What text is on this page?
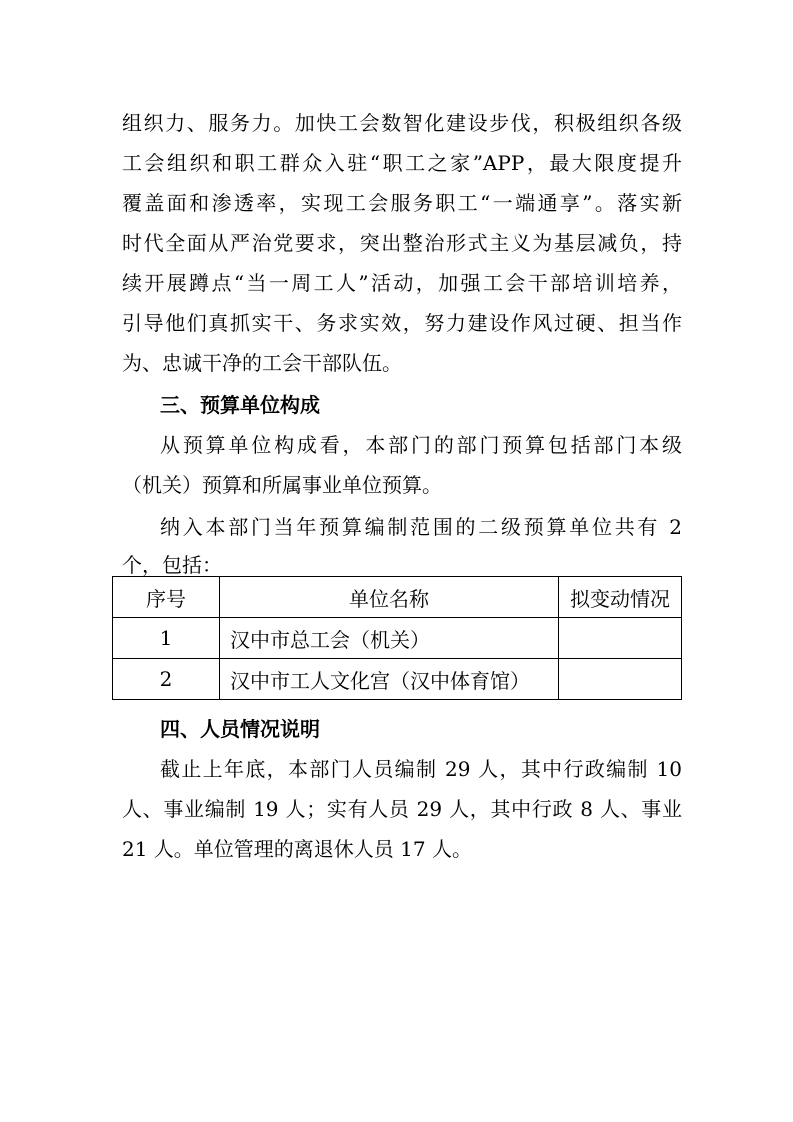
组织力、服务力。加快工会数智化建设步伐，积极组织各级
工会组织和职工群众入驻“职工之家”APP，最大限度提升
覆盖面和渗透率，实现工会服务职工“一端通享”。落实新
时代全面从严治党要求，突出整治形式主义为基层减负，持
续开展蹲点“当一周工人”活动，加强工会干部培训培养，
引导他们真抓实干、务求实效，努力建设作风过硬、担当作
为、忠诚干净的工会干部队伍。
三、预算单位构成
从预算单位构成看，本部门的部门预算包括部门本级
（机关）预算和所属事业单位预算。
纳入本部门当年预算编制范围的二级预算单位共有 2
个，包括：
序号	单位名称	拟变动情况
1	汉中市总工会（机关）	
2	汉中市工人文化宫（汉中体育馆）	
四、人员情况说明
截止上年底，本部门人员编制 29 人，其中行政编制 10
人、事业编制 19 人；实有人员 29 人，其中行政 8 人、事业
21 人。单位管理的离退休人员 17 人。
